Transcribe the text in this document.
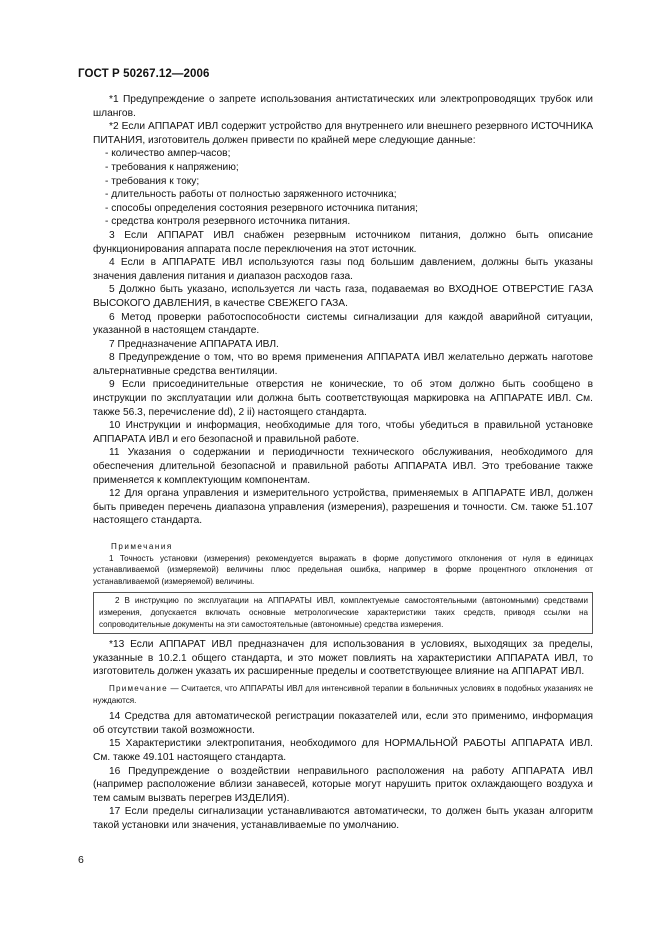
ГОСТ Р 50267.12—2006

*1 Предупреждение о запрете использования антистатических или электропроводящих трубок или шлангов.

*2 Если АППАРАТ ИВЛ содержит устройство для внутреннего или внешнего резервного ИСТОЧНИКА ПИТАНИЯ, изготовитель должен привести по крайней мере следующие данные:

- количество ампер-часов;

- требования к напряжению;

- требования к току;

- длительность работы от полностью заряженного источника;

- способы определения состояния резервного источника питания;

- средства контроля резервного источника питания.

3 Если АППАРАТ ИВЛ снабжен резервным источником питания, должно быть описание функционирования аппарата после переключения на этот источник.

4 Если в АППАРАТЕ ИВЛ используются газы под большим давлением, должны быть указаны значения давления питания и диапазон расходов газа.

5 Должно быть указано, используется ли часть газа, подаваемая во ВХОДНОЕ ОТВЕРСТИЕ ГАЗА ВЫСОКОГО ДАВЛЕНИЯ, в качестве СВЕЖЕГО ГАЗА.

6 Метод проверки работоспособности системы сигнализации для каждой аварийной ситуации, указанной в настоящем стандарте.

7 Предназначение АППАРАТА ИВЛ.

8 Предупреждение о том, что во время применения АППАРАТА ИВЛ желательно держать наготове альтернативные средства вентиляции.

9 Если присоединительные отверстия не конические, то об этом должно быть сообщено в инструкции по эксплуатации или должна быть соответствующая маркировка на АППАРАТЕ ИВЛ. См. также 56.3, перечисление dd), 2 ii) настоящего стандарта.

10 Инструкции и информация, необходимые для того, чтобы убедиться в правильной установке АППАРАТА ИВЛ и его безопасной и правильной работе.

11 Указания о содержании и периодичности технического обслуживания, необходимого для обеспечения длительной безопасной и правильной работы АППАРАТА ИВЛ. Это требование также применяется к комплектующим компонентам.

12 Для органа управления и измерительного устройства, применяемых в АППАРАТЕ ИВЛ, должен быть приведен перечень диапазона управления (измерения), разрешения и точности. См. также 51.107 настоящего стандарта.

Примечания

1 Точность установки (измерения) рекомендуется выражать в форме допустимого отклонения от нуля в единицах устанавливаемой (измеряемой) величины плюс предельная ошибка, например в форме процентного отклонения от устанавливаемой (измеряемой) величины.

2 В инструкцию по эксплуатации на АППАРАТЫ ИВЛ, комплектуемые самостоятельными (автономными) средствами измерения, допускается включать основные метрологические характеристики таких средств, приводя ссылки на сопроводительные документы на эти самостоятельные (автономные) средства измерения.

*13 Если АППАРАТ ИВЛ предназначен для использования в условиях, выходящих за пределы, указанные в 10.2.1 общего стандарта, и это может повлиять на характеристики АППАРАТА ИВЛ, то изготовитель должен указать их расширенные пределы и соответствующее влияние на АППАРАТ ИВЛ.

Примечание — Считается, что АППАРАТЫ ИВЛ для интенсивной терапии в больничных условиях в подобных указаниях не нуждаются.

14 Средства для автоматической регистрации показателей или, если это применимо, информация об отсутствии такой возможности.

15 Характеристики электропитания, необходимого для НОРМАЛЬНОЙ РАБОТЫ АППАРАТА ИВЛ. См. также 49.101 настоящего стандарта.

16 Предупреждение о воздействии неправильного расположения на работу АППАРАТА ИВЛ (например расположение вблизи занавесей, которые могут нарушить приток охлаждающего воздуха и тем самым вызвать перегрев ИЗДЕЛИЯ).

17 Если пределы сигнализации устанавливаются автоматически, то должен быть указан алгоритм такой установки или значения, устанавливаемые по умолчанию.

6
